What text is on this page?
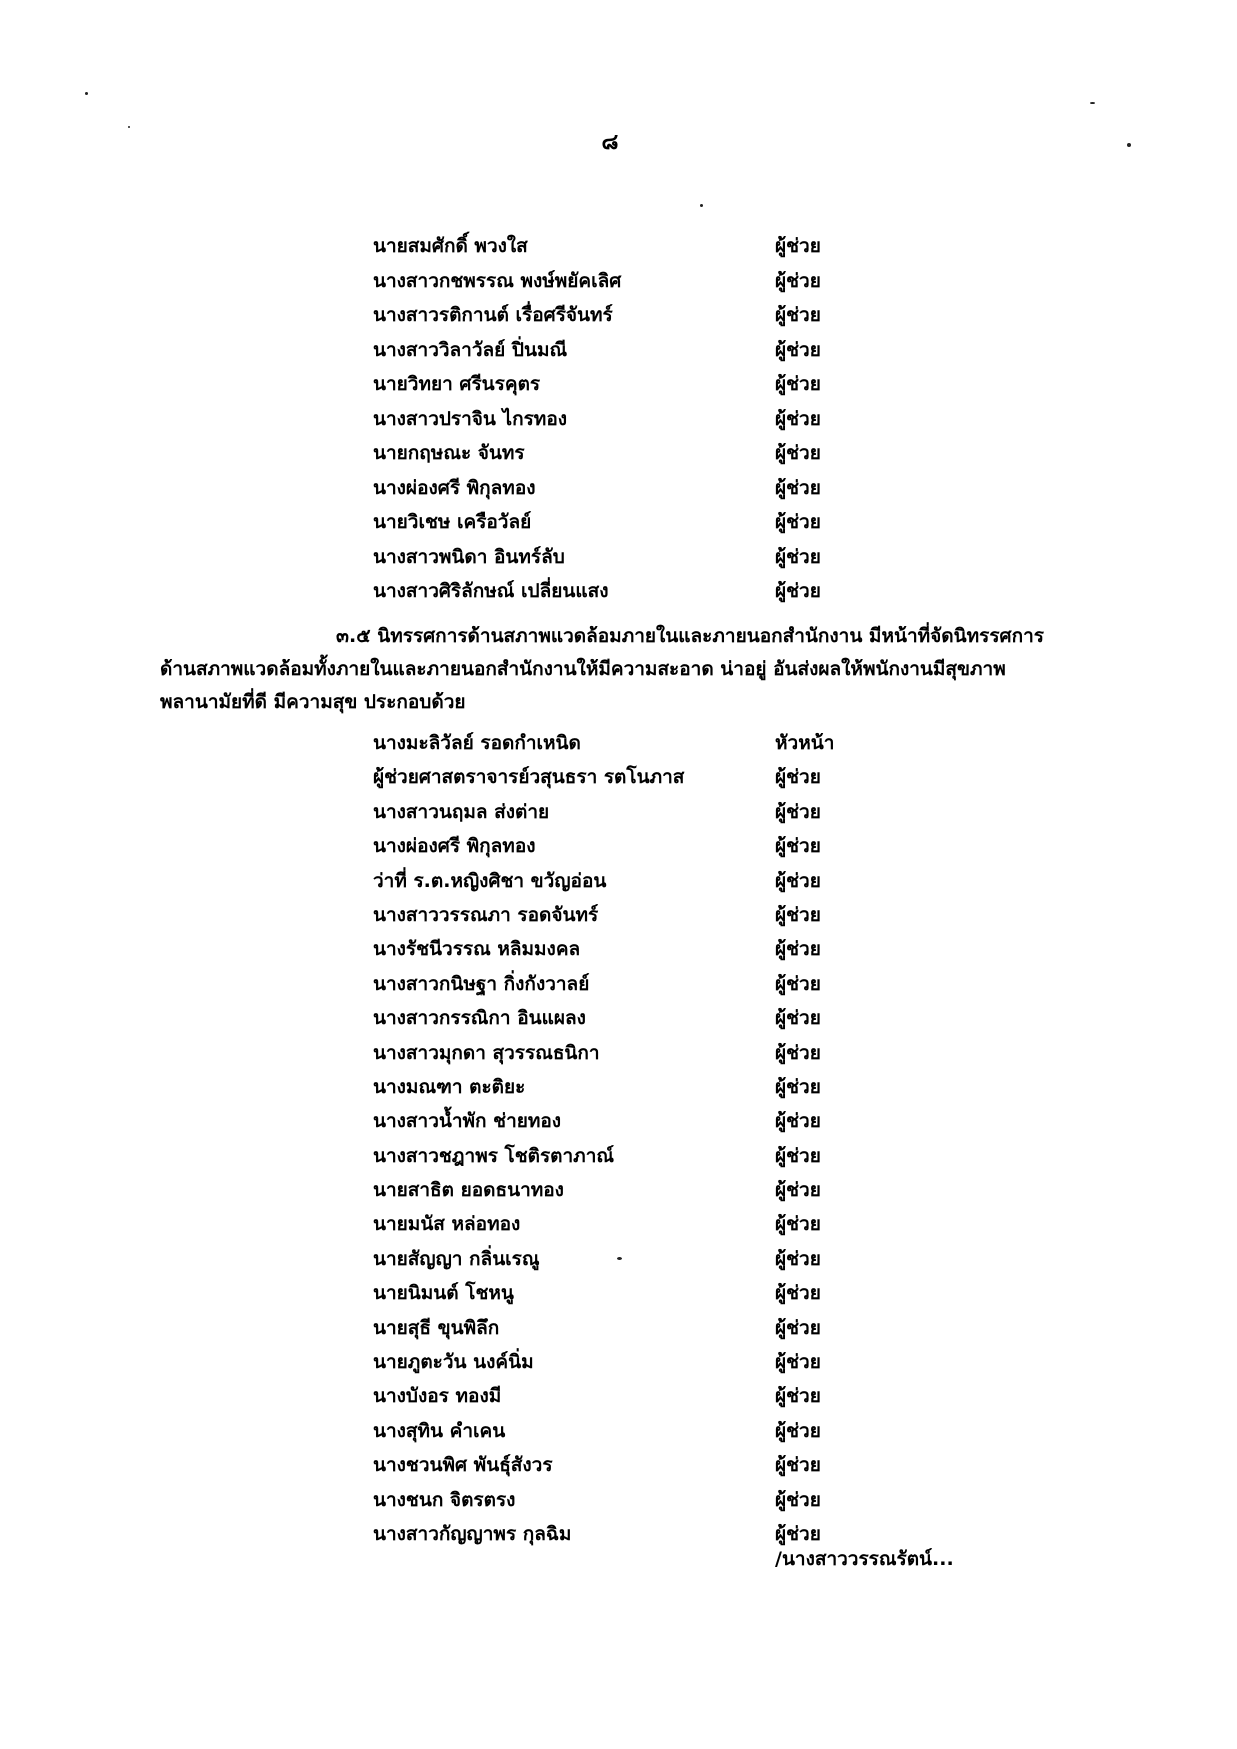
๘
นายสมศักดิ์ พวงใส	ผู้ช่วย
นางสาวกชพรรณ พงษ์พยัคเลิศ	ผู้ช่วย
นางสาวรติกานต์ เรื่อศรีจันทร์	ผู้ช่วย
นางสาววิลาวัลย์ ปิ่นมณี	ผู้ช่วย
นายวิทยา ศรีนรคุตร	ผู้ช่วย
นางสาวปราจิน ไกรทอง	ผู้ช่วย
นายกฤษณะ จันทร	ผู้ช่วย
นางผ่องศรี พิกุลทอง	ผู้ช่วย
นายวิเชษ เครือวัลย์	ผู้ช่วย
นางสาวพนิดา อินทร์ลับ	ผู้ช่วย
นางสาวศิริลักษณ์ เปลี่ยนแสง	ผู้ช่วย
๓.๕ นิทรรศการด้านสภาพแวดล้อมภายในและภายนอกสำนักงาน มีหน้าที่จัดนิทรรศการ
ด้านสภาพแวดล้อมทั้งภายในและภายนอกสำนักงานให้มีความสะอาด น่าอยู่ อันส่งผลให้พนักงานมีสุขภาพ
พลานามัยที่ดี มีความสุข ประกอบด้วย
นางมะลิวัลย์ รอดกำเหนิด	หัวหน้า
ผู้ช่วยศาสตราจารย์วสุนธรา รตโนภาส	ผู้ช่วย
นางสาวนฤมล ส่งต่าย	ผู้ช่วย
นางผ่องศรี พิกุลทอง	ผู้ช่วย
ว่าที่ ร.ต.หญิงศิชา ขวัญอ่อน	ผู้ช่วย
นางสาววรรณภา รอดจันทร์	ผู้ช่วย
นางรัชนีวรรณ หลิมมงคล	ผู้ช่วย
นางสาวกนิษฐา กิ่งกังวาลย์	ผู้ช่วย
นางสาวกรรณิกา อินแผลง	ผู้ช่วย
นางสาวมุกดา สุวรรณธนิกา	ผู้ช่วย
นางมณฑา ตะติยะ	ผู้ช่วย
นางสาวน้ำพัก ช่ายทอง	ผู้ช่วย
นางสาวชฎาพร โชติรตาภาณ์	ผู้ช่วย
นายสาธิต ยอดธนาทอง	ผู้ช่วย
นายมนัส หล่อทอง	ผู้ช่วย
นายสัญญา กลิ่นเรณู	ผู้ช่วย
นายนิมนต์ โชหนู	ผู้ช่วย
นายสุธี ขุนพิลึก	ผู้ช่วย
นายภูตะวัน นงค์นิ่ม	ผู้ช่วย
นางบังอร ทองมี	ผู้ช่วย
นางสุทิน คำเคน	ผู้ช่วย
นางชวนพิศ พันธุ์สังวร	ผู้ช่วย
นางชนก จิตรตรง	ผู้ช่วย
นางสาวกัญญาพร กุลฉิม	ผู้ช่วย
/นางสาววรรณรัตน์...
